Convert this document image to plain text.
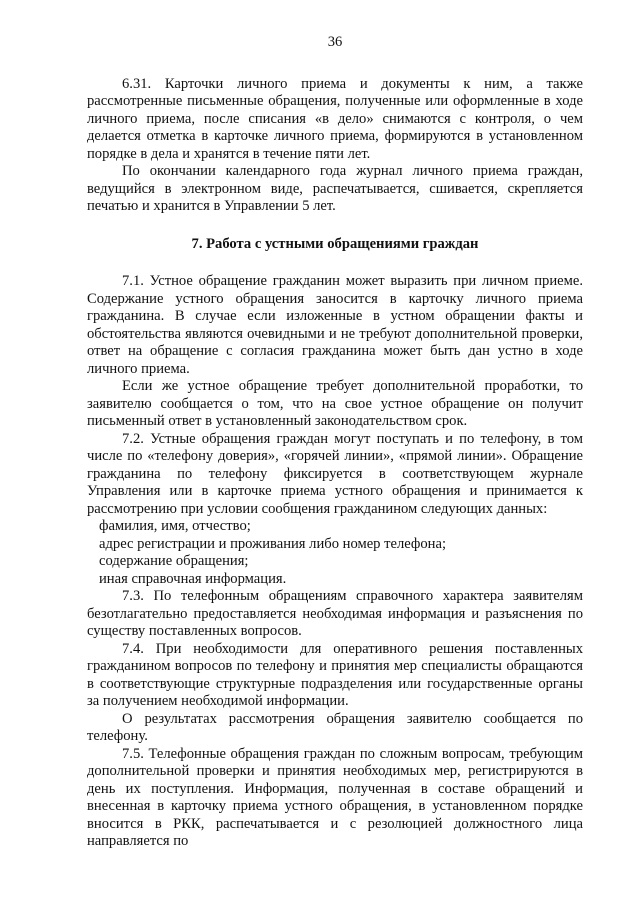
36

6.31. Карточки личного приема и документы к ним, а также рассмотренные письменные обращения, полученные или оформленные в ходе личного приема, после списания «в дело» снимаются с контроля, о чем делается отметка в карточке личного приема, формируются в установленном порядке в дела и хранятся в течение пяти лет.

По окончании календарного года журнал личного приема граждан, ведущийся в электронном виде, распечатывается, сшивается, скрепляется печатью и хранится в Управлении 5 лет.

7. Работа с устными обращениями граждан

7.1. Устное обращение гражданин может выразить при личном приеме. Содержание устного обращения заносится в карточку личного приема гражданина. В случае если изложенные в устном обращении факты и обстоятельства являются очевидными и не требуют дополнительной проверки, ответ на обращение с согласия гражданина может быть дан устно в ходе личного приема.

Если же устное обращение требует дополнительной проработки, то заявителю сообщается о том, что на свое устное обращение он получит письменный ответ в установленный законодательством срок.

7.2. Устные обращения граждан могут поступать и по телефону, в том числе по «телефону доверия», «горячей линии», «прямой линии». Обращение гражданина по телефону фиксируется в соответствующем журнале Управления или в карточке приема устного обращения и принимается к рассмотрению при условии сообщения гражданином следующих данных:

фамилия, имя, отчество;

адрес регистрации и проживания либо номер телефона;

содержание обращения;

иная справочная информация.

7.3. По телефонным обращениям справочного характера заявителям безотлагательно предоставляется необходимая информация и разъяснения по существу поставленных вопросов.

7.4. При необходимости для оперативного решения поставленных гражданином вопросов по телефону и принятия мер специалисты обращаются в соответствующие структурные подразделения или государственные органы за получением необходимой информации.

О результатах рассмотрения обращения заявителю сообщается по телефону.

7.5. Телефонные обращения граждан по сложным вопросам, требующим дополнительной проверки и принятия необходимых мер, регистрируются в день их поступления. Информация, полученная в составе обращений и внесенная в карточку приема устного обращения, в установленном порядке вносится в РКК, распечатывается и с резолюцией должностного лица направляется по
